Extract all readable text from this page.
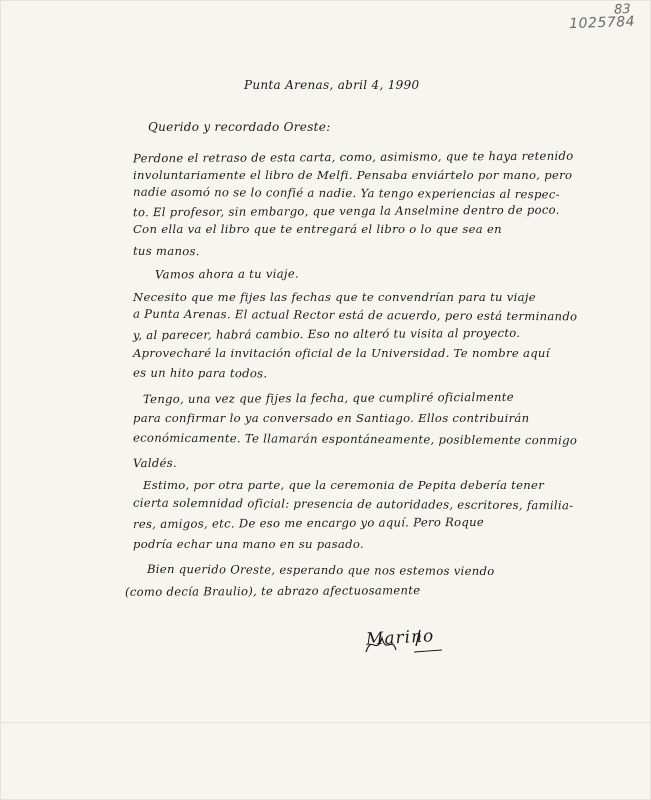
83
1025784
Punta Arenas, abril 4, 1990
Querido y recordado Oreste:
Perdone el retraso de esta carta, como, asimismo, que te haya retenido
involuntariamente el libro de Melfi. Pensaba enviártelo por mano, pero
nadie asomó no se lo confié a nadie. Ya tengo experiencias al respec-
to. El profesor, sin embargo, que venga la Anselmine dentro de poco.
Con ella va el libro que te entregará el libro o lo que sea en
tus manos.
Vamos ahora a tu viaje.
Necesito que me fijes las fechas que te convendrían para tu viaje
a Punta Arenas. El actual Rector está de acuerdo, pero está terminando
y, al parecer, habrá cambio. Eso no alteró tu visita al proyecto.
Aprovecharé la invitación oficial de la Universidad. Te nombre aquí
es un hito para todos.
Tengo, una vez que fijes la fecha, que cumpliré oficialmente
para confirmar lo ya conversado en Santiago. Ellos contribuirán
económicamente. Te llamarán espontáneamente, posiblemente conmigo
Valdés.
Estimo, por otra parte, que la ceremonia de Pepita debería tener
cierta solemnidad oficial: presencia de autoridades, escritores, familia-
res, amigos, etc. De eso me encargo yo aquí. Pero Roque
podría echar una mano en su pasado.
Bien querido Oreste, esperando que nos estemos viendo
(como decía Braulio), te abrazo afectuosamente
Marino
